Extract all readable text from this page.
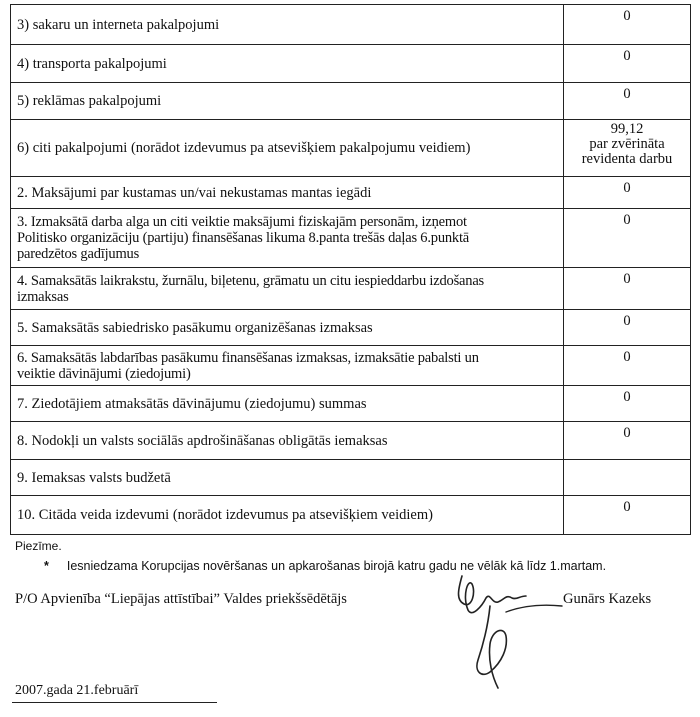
3) sakaru un interneta pakalpojumi	0
4) transporta pakalpojumi	0
5) reklāmas pakalpojumi	0
6) citi pakalpojumi (norādot izdevumus pa atsevišķiem pakalpojumu veidiem)	99,12
par zvērināta
revidenta darbu

2. Maksājumi par kustamas un/vai nekustamas mantas iegādi	0

3. Izmaksātā darba alga un citi veiktie maksājumi fiziskajām personām, izņemot
Politisko organizāciju (partiju) finansēšanas likuma 8.panta trešās daļas 6.punktā
paredzētos gadījumus	0

4. Samaksātās laikrakstu, žurnālu, biļetenu, grāmatu un citu iespieddarbu izdošanas
izmaksas	0
5. Samaksātās sabiedrisko pasākumu organizēšanas izmaksas	0

6. Samaksātās labdarības pasākumu finansēšanas izmaksas, izmaksātie pabalsti un
veiktie dāvinājumi (ziedojumi)	0
7. Ziedotājiem atmaksātās dāvinājumu (ziedojumu) summas	0
8. Nodokļi un valsts sociālās apdrošināšanas obligātās iemaksas	0
9. Iemaksas valsts budžetā	
10. Citāda veida izdevumi (norādot izdevumus pa atsevišķiem veidiem)	0
Piezīme.
* Iesniedzama Korupcijas novēršanas un apkarošanas birojā katru gadu ne vēlāk kā līdz 1.martam.
P/O Apvienība “Liepājas attīstībai” Valdes priekšsēdētājs	Gunārs Kazeks
2007.gada 21.februārī
